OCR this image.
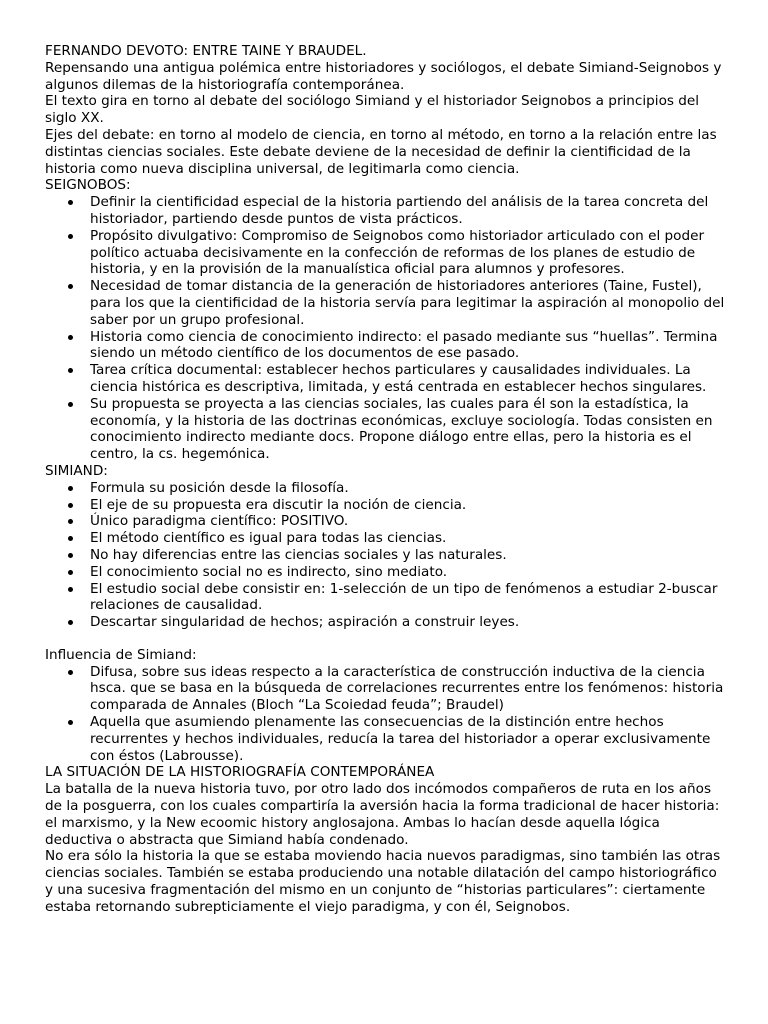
FERNANDO DEVOTO: ENTRE TAINE Y BRAUDEL.

Repensando una antigua polémica entre historiadores y sociólogos, el debate Simiand-Seignobos y algunos dilemas de la historiografía contemporánea.

El texto gira en torno al debate del sociólogo Simiand y el historiador Seignobos a principios del siglo XX.

Ejes del debate: en torno al modelo de ciencia, en torno al método, en torno a la relación entre las distintas ciencias sociales. Este debate deviene de la necesidad de definir la cientificidad de la historia como nueva disciplina universal, de legitimarla como ciencia.

SEIGNOBOS:

Definir la cientificidad especial de la historia partiendo del análisis de la tarea concreta del historiador, partiendo desde puntos de vista prácticos.
Propósito divulgativo: Compromiso de Seignobos como historiador articulado con el poder político actuaba decisivamente en la confección de reformas de los planes de estudio de historia, y en la provisión de la manualística oficial para alumnos y profesores.
Necesidad de tomar distancia de la generación de historiadores anteriores (Taine, Fustel), para los que la cientificidad de la historia servía para legitimar la aspiración al monopolio del saber por un grupo profesional.
Historia como ciencia de conocimiento indirecto: el pasado mediante sus “huellas”. Termina siendo un método científico de los documentos de ese pasado.
Tarea crítica documental: establecer hechos particulares y causalidades individuales. La ciencia histórica es descriptiva, limitada, y está centrada en establecer hechos singulares.
Su propuesta se proyecta a las ciencias sociales, las cuales para él son la estadística, la economía, y la historia de las doctrinas económicas, excluye sociología. Todas consisten en conocimiento indirecto mediante docs. Propone diálogo entre ellas, pero la historia es el centro, la cs. hegemónica.

SIMIAND:

Formula su posición desde la filosofía.
El eje de su propuesta era discutir la noción de ciencia.
Único paradigma científico: POSITIVO.
El método científico es igual para todas las ciencias.
No hay diferencias entre las ciencias sociales y las naturales.
El conocimiento social no es indirecto, sino mediato.
El estudio social debe consistir en: 1-selección de un tipo de fenómenos a estudiar 2-buscar relaciones de causalidad.
Descartar singularidad de hechos; aspiración a construir leyes.

Influencia de Simiand:

Difusa, sobre sus ideas respecto a la característica de construcción inductiva de la ciencia hsca. que se basa en la búsqueda de correlaciones recurrentes entre los fenómenos: historia comparada de Annales (Bloch “La Scoiedad feuda”; Braudel)
Aquella que asumiendo plenamente las consecuencias de la distinción entre hechos recurrentes y hechos individuales, reducía la tarea del historiador a operar exclusivamente con éstos (Labrousse).

LA SITUACIÓN DE LA HISTORIOGRAFÍA CONTEMPORÁNEA

La batalla de la nueva historia tuvo, por otro lado dos incómodos compañeros de ruta en los años de la posguerra, con los cuales compartiría la aversión hacia la forma tradicional de hacer historia: el marxismo, y la New ecoomic history anglosajona. Ambas lo hacían desde aquella lógica deductiva o abstracta que Simiand había condenado.

No era sólo la historia la que se estaba moviendo hacia nuevos paradigmas, sino también las otras ciencias sociales. También se estaba produciendo una notable dilatación del campo historiográfico y una sucesiva fragmentación del mismo en un conjunto de “historias particulares”: ciertamente estaba retornando subrepticiamente el viejo paradigma, y con él, Seignobos.
